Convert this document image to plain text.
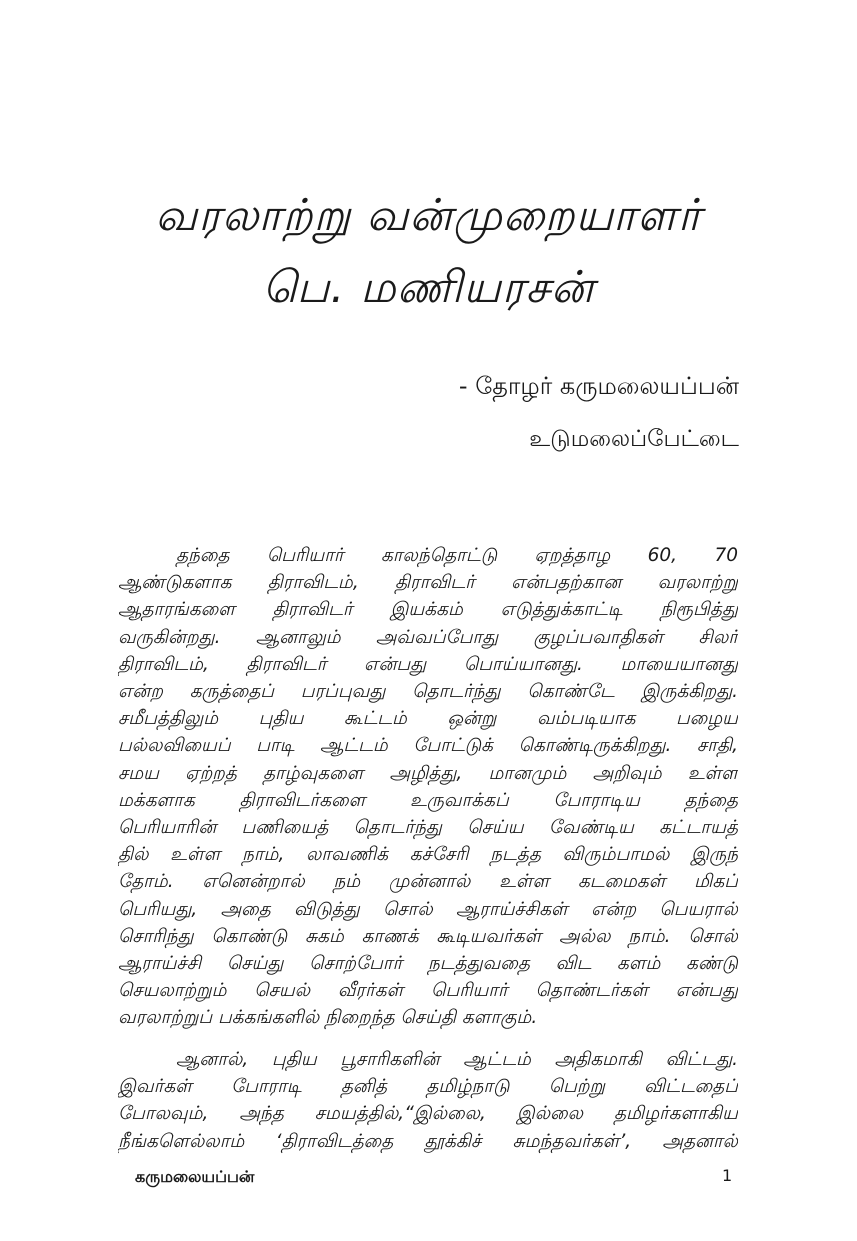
வரலாற்று வன்முறையாளர்
பெ. மணியரசன்
- தோழர் கருமலையப்பன்
உடுமலைப்பேட்டை
தந்தை பெரியார் காலந்தொட்டு ஏறத்தாழ 60, 70
ஆண்டுகளாக திராவிடம், திராவிடர் என்பதற்கான வரலாற்று
ஆதாரங்களை திராவிடர் இயக்கம் எடுத்துக்காட்டி நிரூபித்து
வருகின்றது. ஆனாலும் அவ்வப்போது குழப்பவாதிகள் சிலர்
திராவிடம், திராவிடர் என்பது பொய்யானது. மாயையானது
என்ற கருத்தைப் பரப்புவது தொடர்ந்து கொண்டே இருக்கிறது.
சமீபத்திலும் புதிய கூட்டம் ஒன்று வம்படியாக பழைய
பல்லவியைப் பாடி ஆட்டம் போட்டுக் கொண்டிருக்கிறது. சாதி,
சமய ஏற்றத் தாழ்வுகளை அழித்து, மானமும் அறிவும் உள்ள
மக்களாக திராவிடர்களை உருவாக்கப் போராடிய தந்தை
பெரியாரின் பணியைத் தொடர்ந்து செய்ய வேண்டிய கட்டாயத்
தில் உள்ள நாம், லாவணிக் கச்சேரி நடத்த விரும்பாமல் இருந்
தோம். எனென்றால் நம் முன்னால் உள்ள கடமைகள் மிகப்
பெரியது, அதை விடுத்து சொல் ஆராய்ச்சிகள் என்ற பெயரால்
சொரிந்து கொண்டு சுகம் காணக் கூடியவர்கள் அல்ல நாம். சொல்
ஆராய்ச்சி செய்து சொற்போர் நடத்துவதை விட களம் கண்டு
செயலாற்றும் செயல் வீரர்கள் பெரியார் தொண்டர்கள் என்பது
வரலாற்றுப் பக்கங்களில் நிறைந்த செய்தி களாகும்.
ஆனால், புதிய பூசாரிகளின் ஆட்டம் அதிகமாகி விட்டது.
இவர்கள் போராடி தனித் தமிழ்நாடு பெற்று விட்டதைப்
போலவும், அந்த சமயத்தில்,“இல்லை, இல்லை தமிழர்களாகிய
நீங்களெல்லாம் ‘திராவிடத்தை தூக்கிச் சுமந்தவர்கள்’, அதனால்
கருமலையப்பன்	1
